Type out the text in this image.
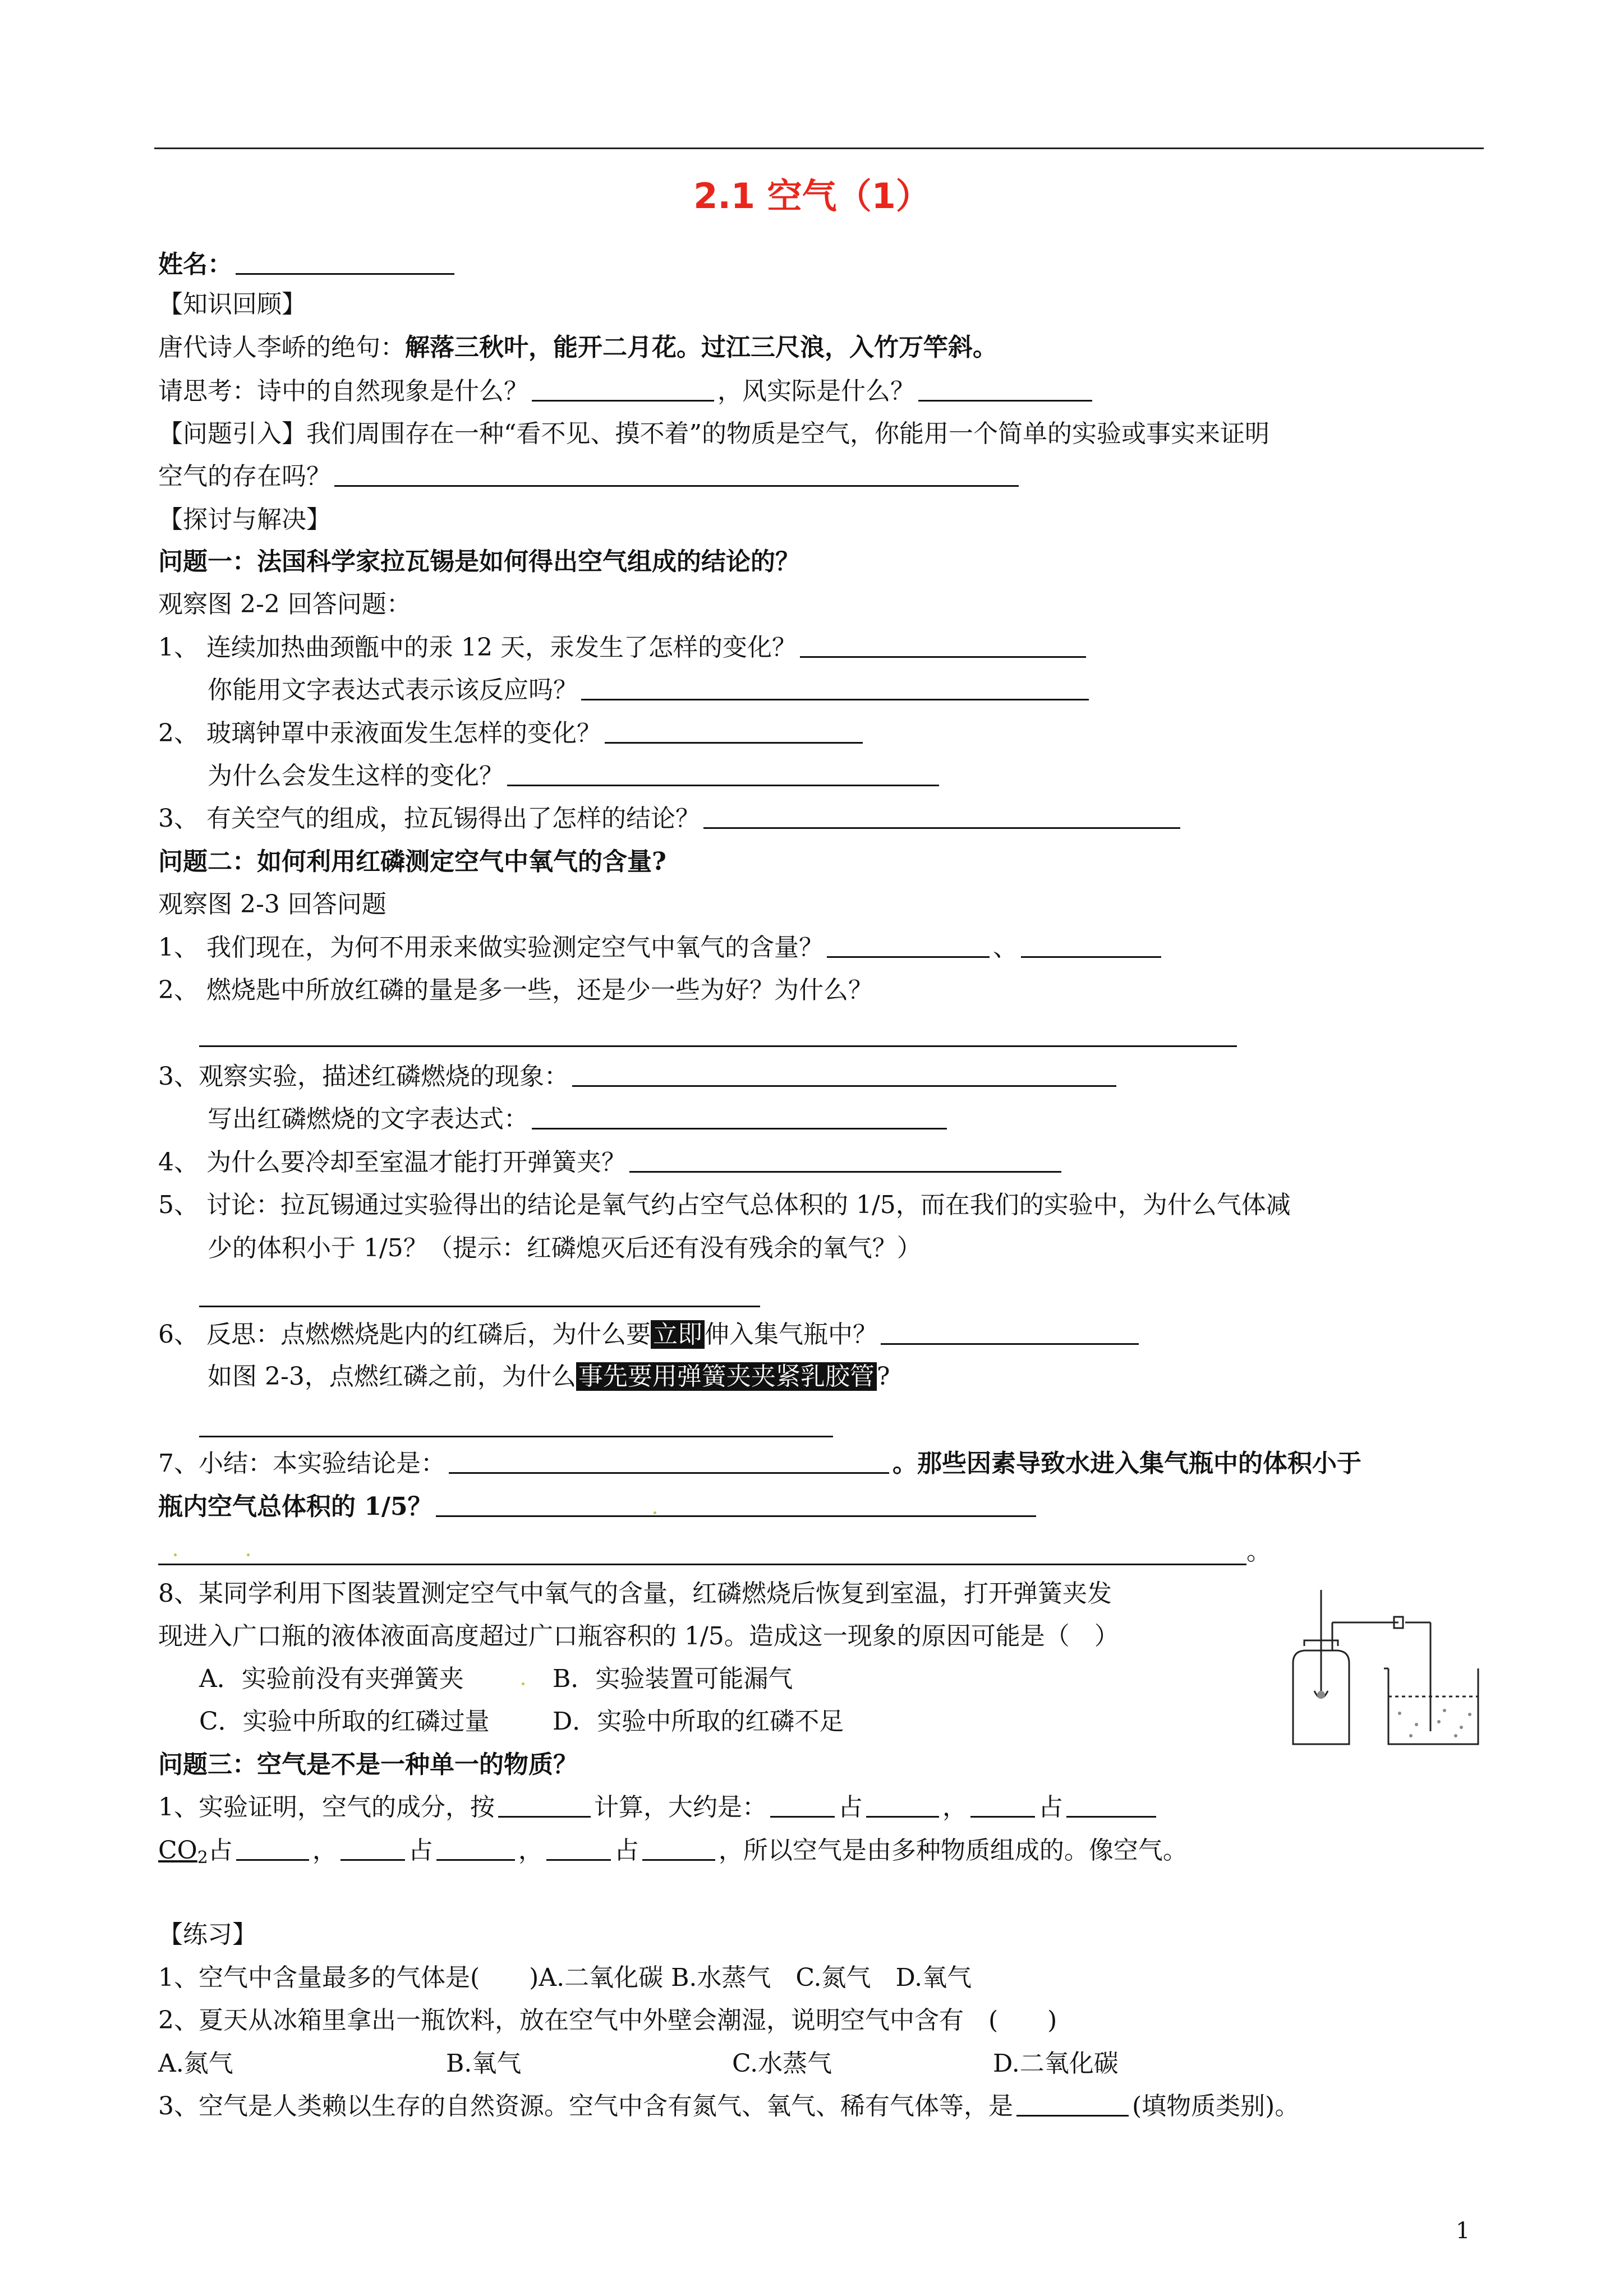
2.1 空气（1）
姓名：
【知识回顾】
唐代诗人李峤的绝句：解落三秋叶，能开二月花。过江三尺浪，入竹万竿斜。
请思考：诗中的自然现象是什么？	，风实际是什么？
【问题引入】我们周围存在一种“看不见、摸不着”的物质是空气，你能用一个简单的实验或事实来证明
空气的存在吗？
【探讨与解决】
问题一：法国科学家拉瓦锡是如何得出空气组成的结论的？
观察图 2-2 回答问题：
1、 连续加热曲颈甑中的汞 12 天，汞发生了怎样的变化？
你能用文字表达式表示该反应吗？
2、 玻璃钟罩中汞液面发生怎样的变化？
为什么会发生这样的变化？
3、 有关空气的组成，拉瓦锡得出了怎样的结论？
问题二：如何利用红磷测定空气中氧气的含量?
观察图 2-3 回答问题
1、 我们现在，为何不用汞来做实验测定空气中氧气的含量？	、
2、 燃烧匙中所放红磷的量是多一些，还是少一些为好？为什么？
3、观察实验，描述红磷燃烧的现象：
写出红磷燃烧的文字表达式：
4、 为什么要冷却至室温才能打开弹簧夹？
5、 讨论：拉瓦锡通过实验得出的结论是氧气约占空气总体积的 1/5，而在我们的实验中，为什么气体减
少的体积小于 1/5？（提示：红磷熄灭后还有没有残余的氧气？）
6、 反思：点燃燃烧匙内的红磷后，为什么要立即伸入集气瓶中？
如图 2-3，点燃红磷之前，为什么事先要用弹簧夹夹紧乳胶管?
7、小结：本实验结论是：	。那些因素导致水进入集气瓶中的体积小于
瓶内空气总体积的 1/5？
。
8、某同学利用下图装置测定空气中氧气的含量，红磷燃烧后恢复到室温，打开弹簧夹发
现进入广口瓶的液体液面高度超过广口瓶容积的 1/5。造成这一现象的原因可能是（　）
A．实验前没有夹弹簧夹	B．实验装置可能漏气
C．实验中所取的红磷过量	D．实验中所取的红磷不足
问题三：空气是不是一种单一的物质？
1、实验证明，空气的成分，按	计算，大约是：	占	，	占
$CO_2$占	，	占	，	占	，所以空气是由多种物质组成的。像空气。
【练习】
1、空气中含量最多的气体是(　　)A.二氧化碳 B.水蒸气　C.氮气　D.氧气
2、夏天从冰箱里拿出一瓶饮料，放在空气中外壁会潮湿，说明空气中含有　(　　)
A.氮气	B.氧气	C.水蒸气	D.二氧化碳
3、空气是人类赖以生存的自然资源。空气中含有氮气、氧气、稀有气体等，是	(填物质类别)。
1
